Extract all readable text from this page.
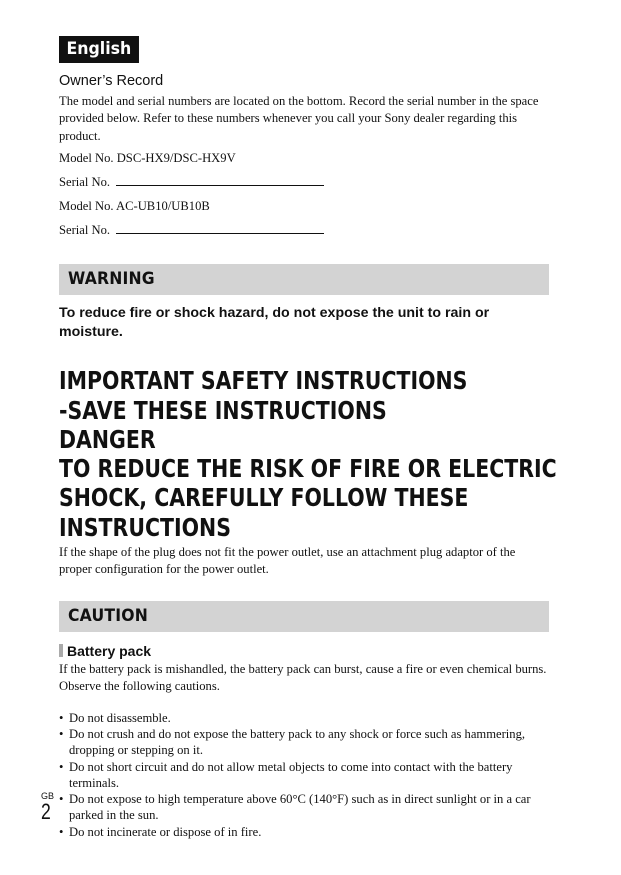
English
Owner’s Record
The model and serial numbers are located on the bottom. Record the serial number in the space provided below. Refer to these numbers whenever you call your Sony dealer regarding this product.
Model No. DSC-HX9/DSC-HX9V
Serial No.
Model No. AC-UB10/UB10B
Serial No.
WARNING
To reduce fire or shock hazard, do not expose the unit to rain or moisture.
IMPORTANT SAFETY INSTRUCTIONS
-SAVE THESE INSTRUCTIONS
DANGER
TO REDUCE THE RISK OF FIRE OR ELECTRIC
SHOCK, CAREFULLY FOLLOW THESE
INSTRUCTIONS
If the shape of the plug does not fit the power outlet, use an attachment plug adaptor of the proper configuration for the power outlet.
CAUTION
Battery pack
If the battery pack is mishandled, the battery pack can burst, cause a fire or even chemical burns. Observe the following cautions.
• Do not disassemble.
• Do not crush and do not expose the battery pack to any shock or force such as hammering, dropping or stepping on it.
• Do not short circuit and do not allow metal objects to come into contact with the battery terminals.
• Do not expose to high temperature above 60°C (140°F) such as in direct sunlight or in a car parked in the sun.
• Do not incinerate or dispose of in fire.
GB
2
